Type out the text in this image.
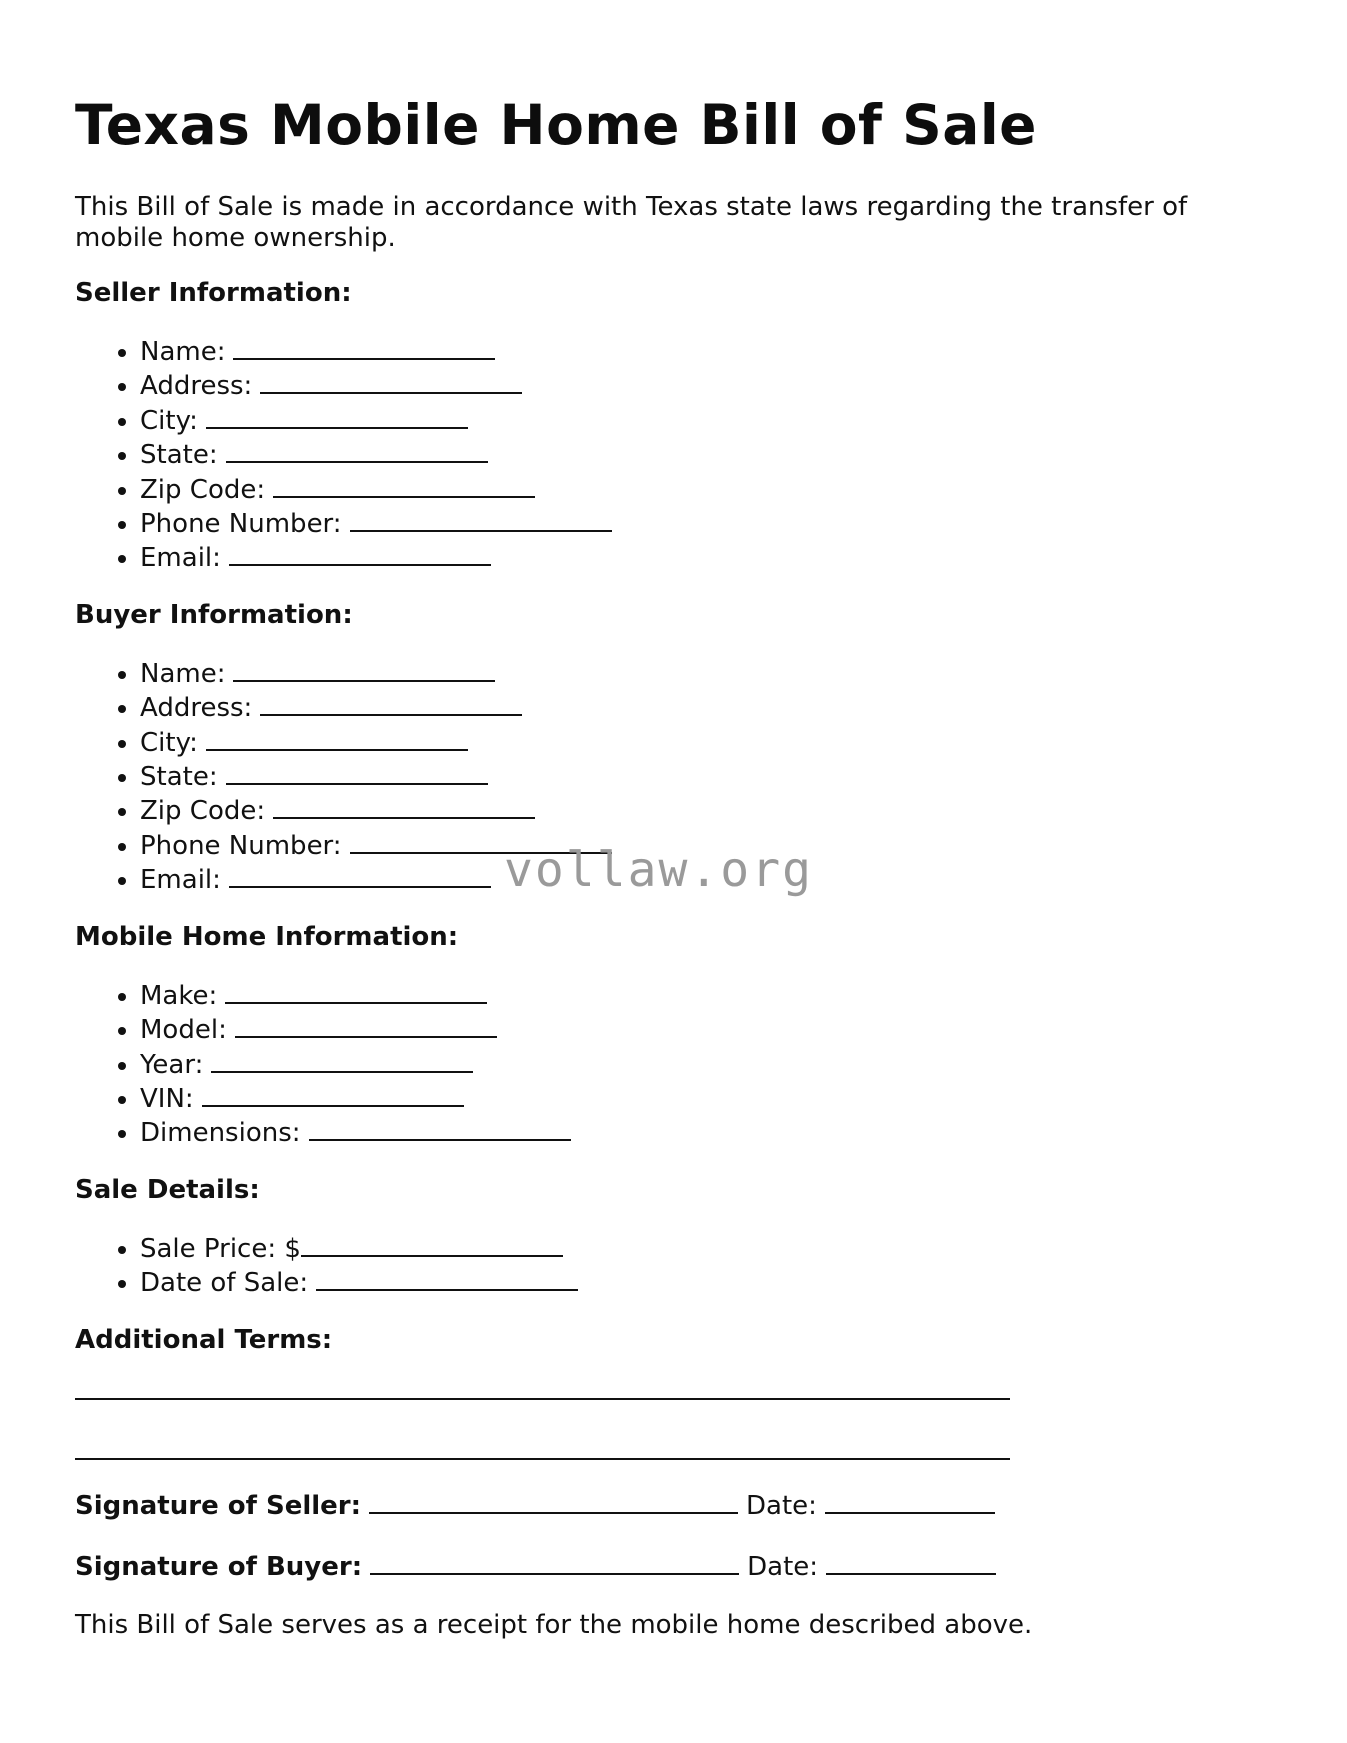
Texas Mobile Home Bill of Sale

This Bill of Sale is made in accordance with Texas state laws regarding the transfer of mobile home ownership.

Seller Information:
• Name:
• Address:
• City:
• State:
• Zip Code:
• Phone Number:
• Email:
Buyer Information:
• Name:
• Address:
• City:
• State:
• Zip Code:
• Phone Number:
• Email:
Mobile Home Information:
• Make:
• Model:
• Year:
• VIN:
• Dimensions:
Sale Details:
• Sale Price: $
• Date of Sale:
Additional Terms:

Signature of Seller:	Date:

Signature of Buyer:	Date:

This Bill of Sale serves as a receipt for the mobile home described above.

vollaw.org
